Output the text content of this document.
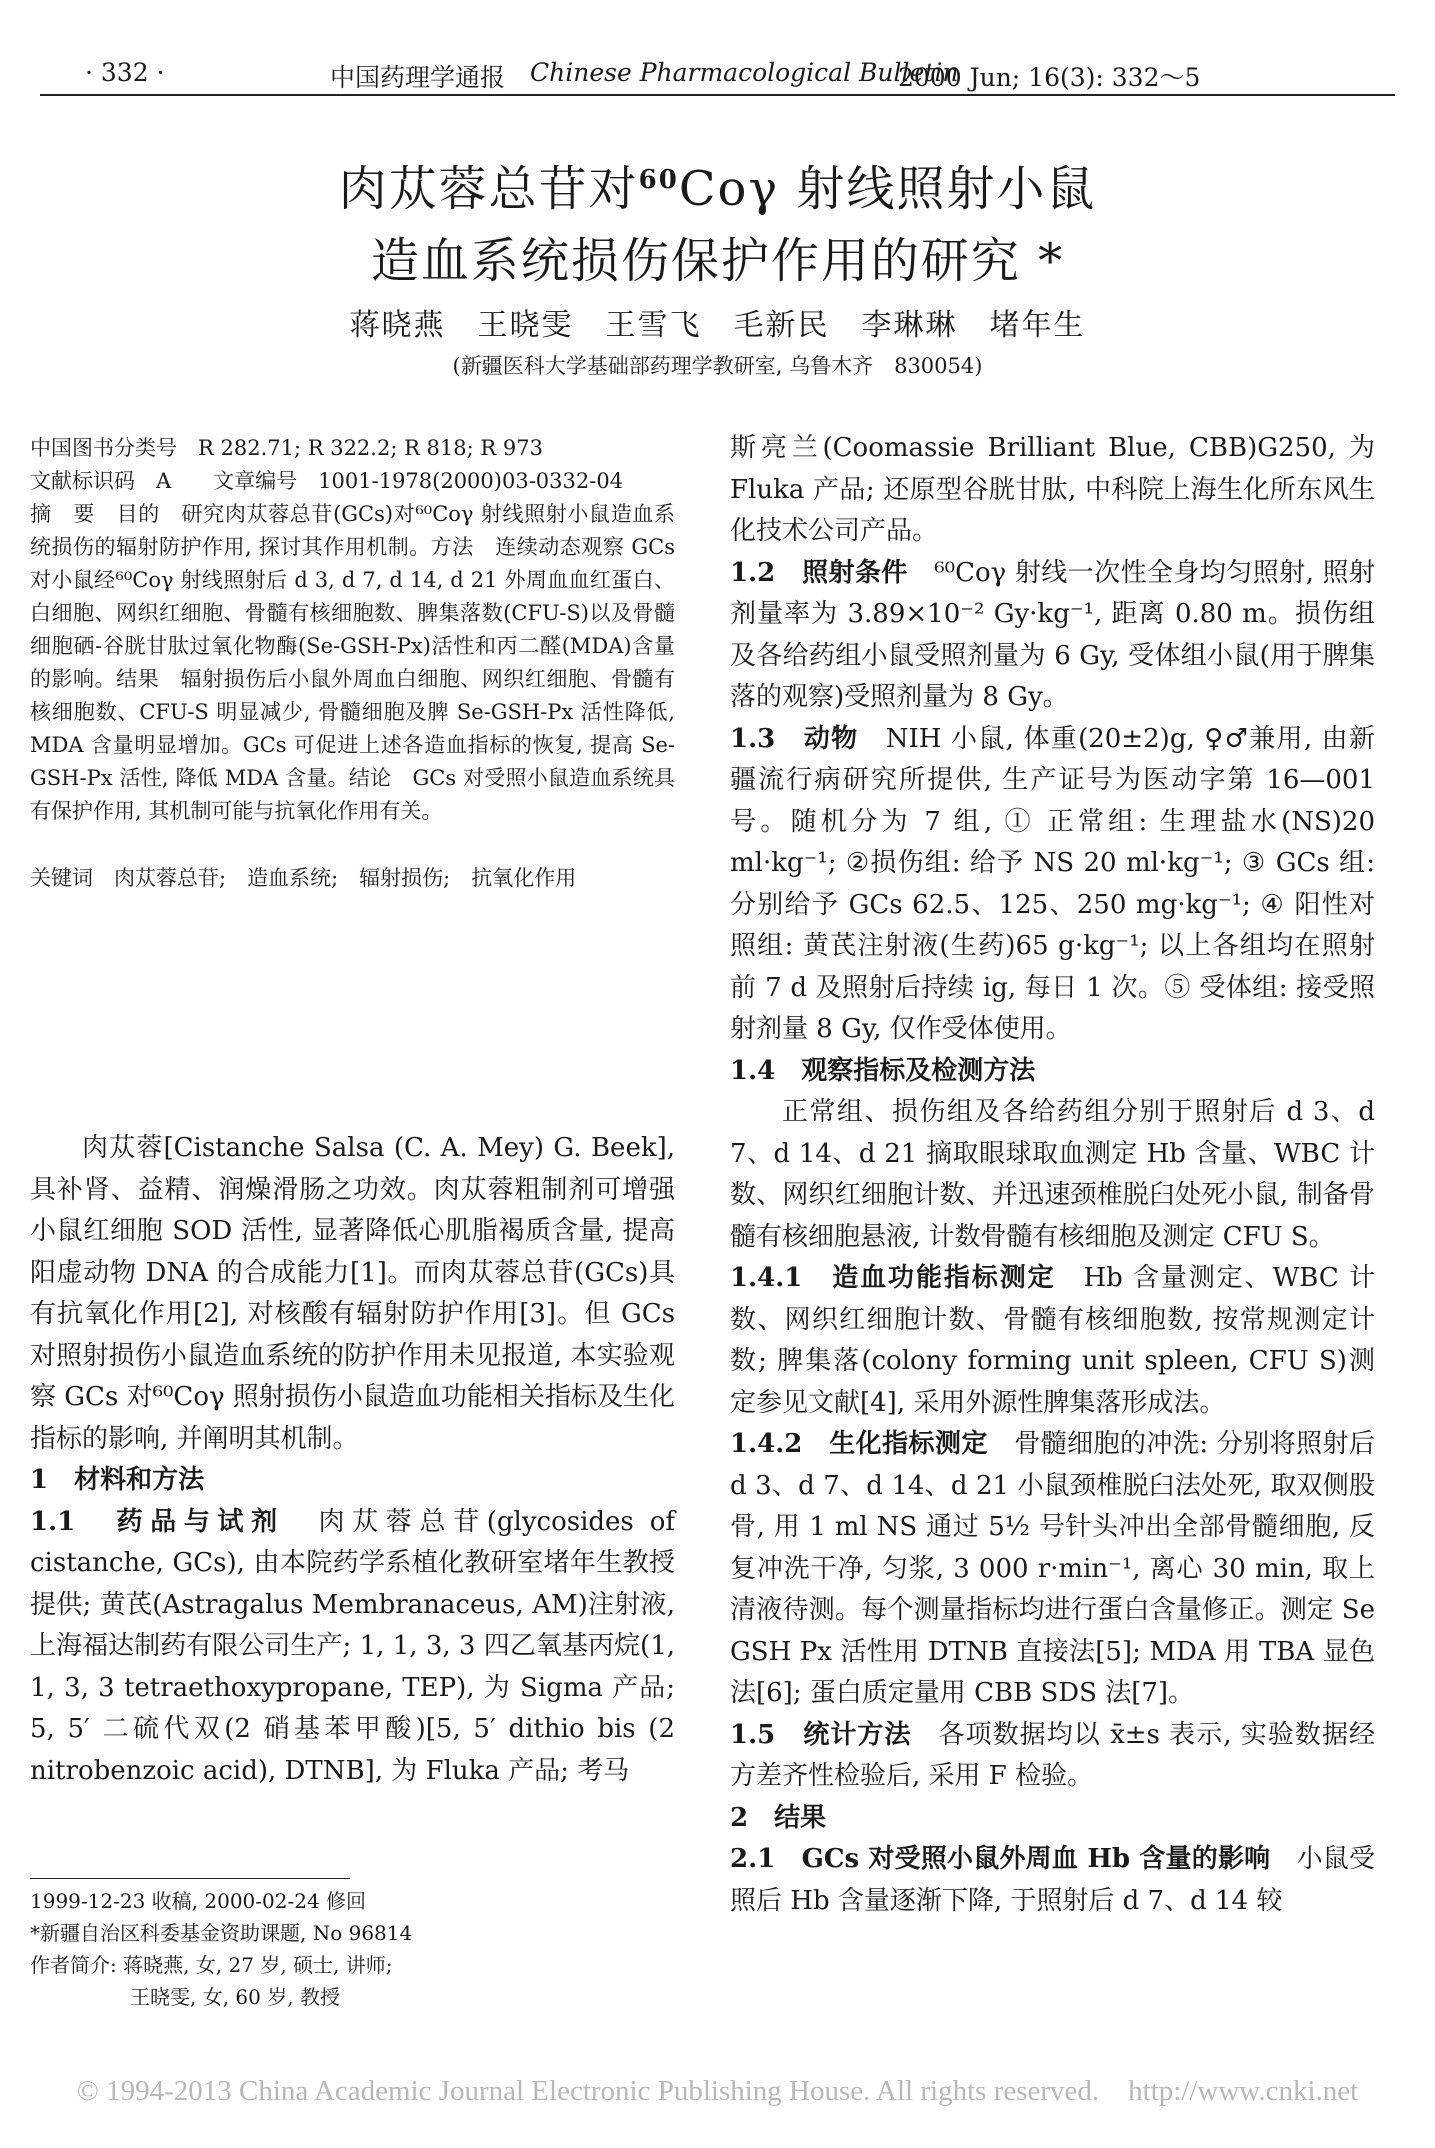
· 332 ·	中国药理学通报 Chinese Pharmacological Bulletin
2000 Jun; 16(3): 332～5
肉苁蓉总苷对$^{60}$Coγ 射线照射小鼠
造血系统损伤保护作用的研究 *
蒋晓燕　王晓雯　王雪飞　毛新民　李琳琳　堵年生
(新疆医科大学基础部药理学教研室, 乌鲁木齐　830054)
中国图书分类号　R 282.71; R 322.2; R 818; R 973
文献标识码　A　　文章编号　1001-1978(2000)03-0332-04
摘　要　目的　研究肉苁蓉总苷(GCs)对⁶⁰Coγ 射线照射小鼠造血系统损伤的辐射防护作用, 探讨其作用机制。方法　连续动态观察 GCs 对小鼠经⁶⁰Coγ 射线照射后 d 3, d 7, d 14, d 21 外周血血红蛋白、白细胞、网织红细胞、骨髓有核细胞数、脾集落数(CFU-S)以及骨髓细胞硒-谷胱甘肽过氧化物酶(Se-GSH-Px)活性和丙二醛(MDA)含量的影响。结果　辐射损伤后小鼠外周血白细胞、网织红细胞、骨髓有核细胞数、CFU-S 明显减少, 骨髓细胞及脾 Se-GSH-Px 活性降低, MDA 含量明显增加。GCs 可促进上述各造血指标的恢复, 提高 Se-GSH-Px 活性, 降低 MDA 含量。结论　GCs 对受照小鼠造血系统具有保护作用, 其机制可能与抗氧化作用有关。
关键词　肉苁蓉总苷;　造血系统;　辐射损伤;　抗氧化作用

肉苁蓉[Cistanche Salsa (C. A. Mey) G. Beek], 具补肾、益精、润燥滑肠之功效。肉苁蓉粗制剂可增强小鼠红细胞 SOD 活性, 显著降低心肌脂褐质含量, 提高阳虚动物 DNA 的合成能力[1]。而肉苁蓉总苷(GCs)具有抗氧化作用[2], 对核酸有辐射防护作用[3]。但 GCs 对照射损伤小鼠造血系统的防护作用未见报道, 本实验观察 GCs 对⁶⁰Coγ 照射损伤小鼠造血功能相关指标及生化指标的影响, 并阐明其机制。

1　材料和方法

1.1　药品与试剂　 肉苁蓉总苷(glycosides of cistanche, GCs), 由本院药学系植化教研室堵年生教授提供; 黄芪(Astragalus Membranaceus, AM)注射液, 上海福达制药有限公司生产; 1, 1, 3, 3 四乙氧基丙烷(1, 1, 3, 3 tetraethoxypropane, TEP), 为 Sigma 产品; 5, 5′ 二硫代双(2 硝基苯甲酸)[5, 5′ dithio bis (2 nitrobenzoic acid), DTNB], 为 Fluka 产品; 考马

1999-12-23 收稿, 2000-02-24 修回
*新疆自治区科委基金资助课题, No 96814
作者简介: 蒋晓燕, 女, 27 岁, 硕士, 讲师;
王晓雯, 女, 60 岁, 教授

斯亮兰(Coomassie Brilliant Blue, CBB)G250, 为 Fluka 产品; 还原型谷胱甘肽, 中科院上海生化所东风生化技术公司产品。

1.2　照射条件　 ⁶⁰Coγ 射线一次性全身均匀照射, 照射剂量率为 3.89×10⁻² Gy·kg⁻¹, 距离 0.80 m。损伤组及各给药组小鼠受照剂量为 6 Gy, 受体组小鼠(用于脾集落的观察)受照剂量为 8 Gy。

1.3　动物　 NIH 小鼠, 体重(20±2)g, ♀♂兼用, 由新疆流行病研究所提供, 生产证号为医动字第 16—001 号。随机分为 7 组, ① 正常组: 生理盐水(NS)20 ml·kg⁻¹; ②损伤组: 给予 NS 20 ml·kg⁻¹; ③ GCs 组: 分别给予 GCs 62.5、125、250 mg·kg⁻¹; ④ 阳性对照组: 黄芪注射液(生药)65 g·kg⁻¹; 以上各组均在照射前 7 d 及照射后持续 ig, 每日 1 次。⑤ 受体组: 接受照射剂量 8 Gy, 仅作受体使用。

1.4　观察指标及检测方法

正常组、损伤组及各给药组分别于照射后 d 3、d 7、d 14、d 21 摘取眼球取血测定 Hb 含量、WBC 计数、网织红细胞计数、并迅速颈椎脱臼处死小鼠, 制备骨髓有核细胞悬液, 计数骨髓有核细胞及测定 CFU S。

1.4.1　造血功能指标测定　 Hb 含量测定、WBC 计数、网织红细胞计数、骨髓有核细胞数, 按常规测定计数; 脾集落(colony forming unit spleen, CFU S)测定参见文献[4], 采用外源性脾集落形成法。

1.4.2　生化指标测定　 骨髓细胞的冲洗: 分别将照射后 d 3、d 7、d 14、d 21 小鼠颈椎脱臼法处死, 取双侧股骨, 用 1 ml NS 通过 5½ 号针头冲出全部骨髓细胞, 反复冲洗干净, 匀浆, 3 000 r·min⁻¹, 离心 30 min, 取上清液待测。每个测量指标均进行蛋白含量修正。测定 Se GSH Px 活性用 DTNB 直接法[5]; MDA 用 TBA 显色法[6]; 蛋白质定量用 CBB SDS 法[7]。

1.5　统计方法　 各项数据均以 x̄±s 表示, 实验数据经方差齐性检验后, 采用 F 检验。

2　结果

2.1　GCs 对受照小鼠外周血 Hb 含量的影响　 小鼠受照后 Hb 含量逐渐下降, 于照射后 d 7、d 14 较

© 1994-2013 China Academic Journal Electronic Publishing House. All rights reserved.　http://www.cnki.net
